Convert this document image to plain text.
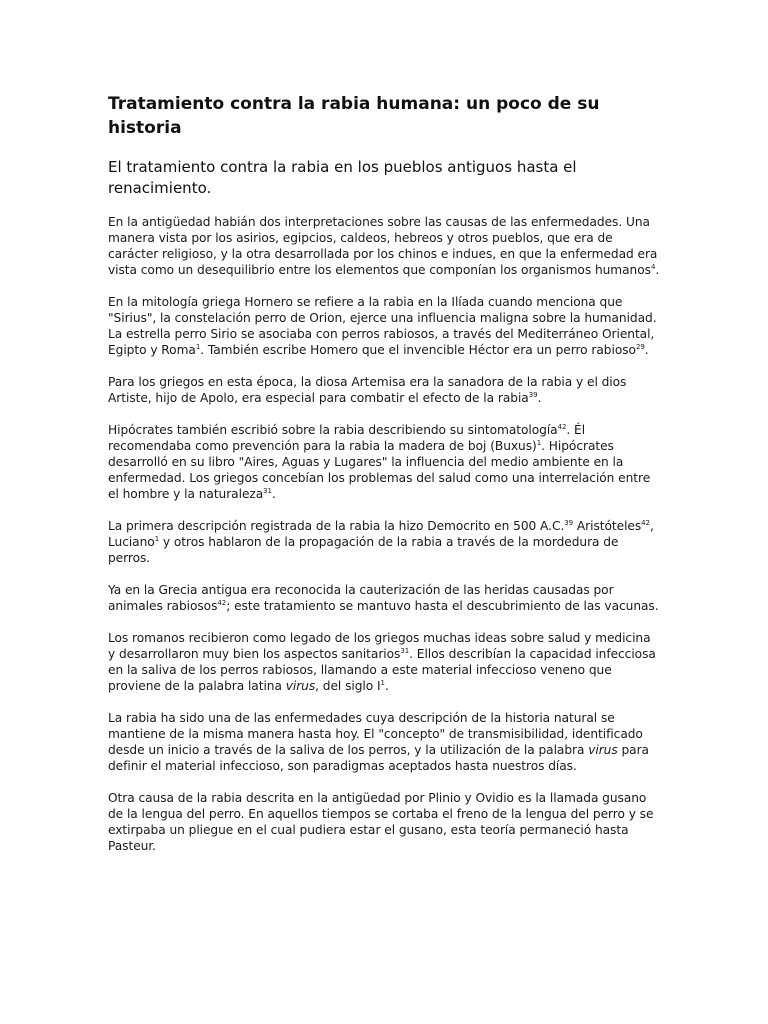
Tratamiento contra la rabia humana: un poco de su historia
El tratamiento contra la rabia en los pueblos antiguos hasta el renacimiento.

En la antigüedad habián dos interpretaciones sobre las causas de las enfermedades. Una manera vista por los asirios, egipcios, caldeos, hebreos y otros pueblos, que era de carácter religioso, y la otra desarrollada por los chinos e indues, en que la enfermedad era vista como un desequilibrio entre los elementos que componían los organismos humanos$^4$.

En la mitología griega Hornero se refiere a la rabia en la Ilíada cuando menciona que "Sirius", la constelación perro de Orion, ejerce una influencia maligna sobre la humanidad. La estrella perro Sirio se asociaba con perros rabiosos, a través del Mediterráneo Oriental, Egipto y Roma$^1$. También escribe Homero que el invencible Héctor era un perro rabioso$^{29}$.

Para los griegos en esta época, la diosa Artemisa era la sanadora de la rabia y el dios Artiste, hijo de Apolo, era especial para combatir el efecto de la rabia$^{39}$.

Hipócrates también escribió sobre la rabia describiendo su sintomatología$^{42}$. Él recomendaba como prevención para la rabia la madera de boj (Buxus)$^1$. Hipócrates desarrolló en su libro "Aires, Aguas y Lugares" la influencia del medio ambiente en la enfermedad. Los griegos concebían los problemas del salud como una interrelación entre el hombre y la naturaleza$^{31}$.

La primera descripción registrada de la rabia la hizo Democrito en 500 A.C.$^{39}$ Aristóteles$^{42}$, Luciano$^1$ y otros hablaron de la propagación de la rabia a través de la mordedura de perros.

Ya en la Grecia antigua era reconocida la cauterización de las heridas causadas por animales rabiosos$^{42}$; este tratamiento se mantuvo hasta el descubrimiento de las vacunas.

Los romanos recibieron como legado de los griegos muchas ideas sobre salud y medicina y desarrollaron muy bien los aspectos sanitarios$^{31}$. Ellos describían la capacidad infecciosa en la saliva de los perros rabiosos, llamando a este material infeccioso veneno que proviene de la palabra latina virus, del siglo $I^1$.

La rabia ha sido una de las enfermedades cuya descripción de la historia natural se mantiene de la misma manera hasta hoy. El "concepto" de transmisibilidad, identificado desde un inicio a través de la saliva de los perros, y la utilización de la palabra virus para definir el material infeccioso, son paradigmas aceptados hasta nuestros días.

Otra causa de la rabia descrita en la antigüedad por Plinio y Ovidio es la llamada gusano de la lengua del perro. En aquellos tiempos se cortaba el freno de la lengua del perro y se extirpaba un pliegue en el cual pudiera estar el gusano, esta teoría permaneció hasta Pasteur.
